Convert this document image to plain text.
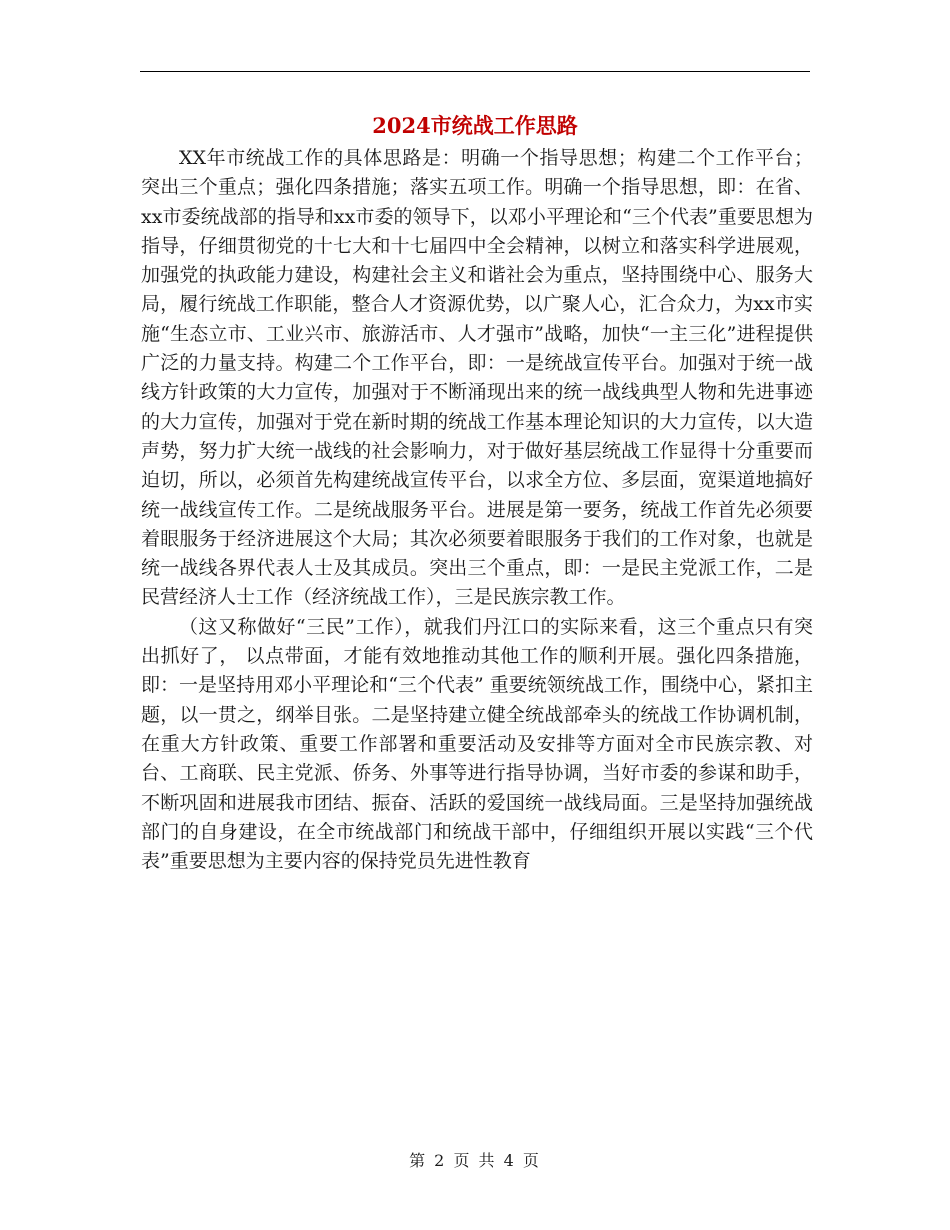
2024市统战工作思路

XX年市统战工作的具体思路是：明确一个指导思想；构建二个工作平台；突出三个重点；强化四条措施；落实五项工作。明确一个指导思想，即：在省、xx市委统战部的指导和xx市委的领导下，以邓小平理论和“三个代表”重要思想为指导，仔细贯彻党的十七大和十七届四中全会精神，以树立和落实科学进展观，加强党的执政能力建设，构建社会主义和谐社会为重点，坚持围绕中心、服务大局，履行统战工作职能，整合人才资源优势，以广聚人心，汇合众力，为xx市实施“生态立市、工业兴市、旅游活市、人才强市”战略，加快“一主三化”进程提供广泛的力量支持。构建二个工作平台，即：一是统战宣传平台。加强对于统一战线方针政策的大力宣传，加强对于不断涌现出来的统一战线典型人物和先进事迹的大力宣传，加强对于党在新时期的统战工作基本理论知识的大力宣传，以大造声势，努力扩大统一战线的社会影响力，对于做好基层统战工作显得十分重要而迫切，所以，必须首先构建统战宣传平台，以求全方位、多层面，宽渠道地搞好统一战线宣传工作。二是统战服务平台。进展是第一要务，统战工作首先必须要着眼服务于经济进展这个大局；其次必须要着眼服务于我们的工作对象，也就是统一战线各界代表人士及其成员。突出三个重点，即：一是民主党派工作，二是民营经济人士工作（经济统战工作），三是民族宗教工作。

（这又称做好“三民”工作），就我们丹江口的实际来看，这三个重点只有突出抓好了， 以点带面，才能有效地推动其他工作的顺利开展。强化四条措施，即：一是坚持用邓小平理论和“三个代表” 重要统领统战工作，围绕中心，紧扣主题，以一贯之，纲举目张。二是坚持建立健全统战部牵头的统战工作协调机制，在重大方针政策、重要工作部署和重要活动及安排等方面对全市民族宗教、对台、工商联、民主党派、侨务、外事等进行指导协调，当好市委的参谋和助手，不断巩固和进展我市团结、振奋、活跃的爱国统一战线局面。三是坚持加强统战部门的自身建设，在全市统战部门和统战干部中，仔细组织开展以实践“三个代表”重要思想为主要内容的保持党员先进性教育

第 2 页 共 4 页
